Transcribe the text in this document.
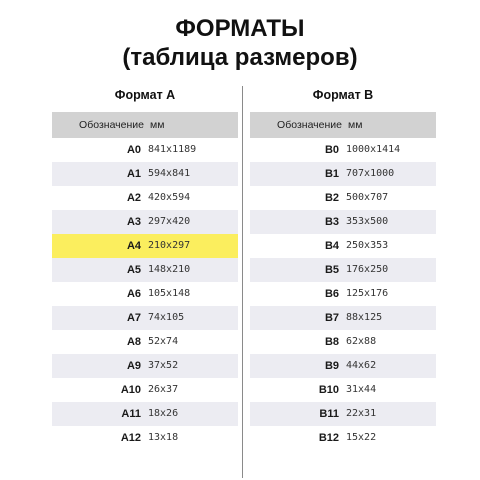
ФОРМАТЫ
(таблица размеров)
Формат А
Обозначение мм
A0 841x1189
A1 594x841
A2 420x594
A3 297x420
A4 210x297
A5 148x210
A6 105x148
A7 74x105
A8 52x74
A9 37x52
A10 26x37
A11 18x26
A12 13x18
Формат В
Обозначение мм
B0 1000x1414
B1 707x1000
B2 500x707
B3 353x500
B4 250x353
B5 176x250
B6 125x176
B7 88x125
B8 62x88
B9 44x62
B10 31x44
B11 22x31
B12 15x22
